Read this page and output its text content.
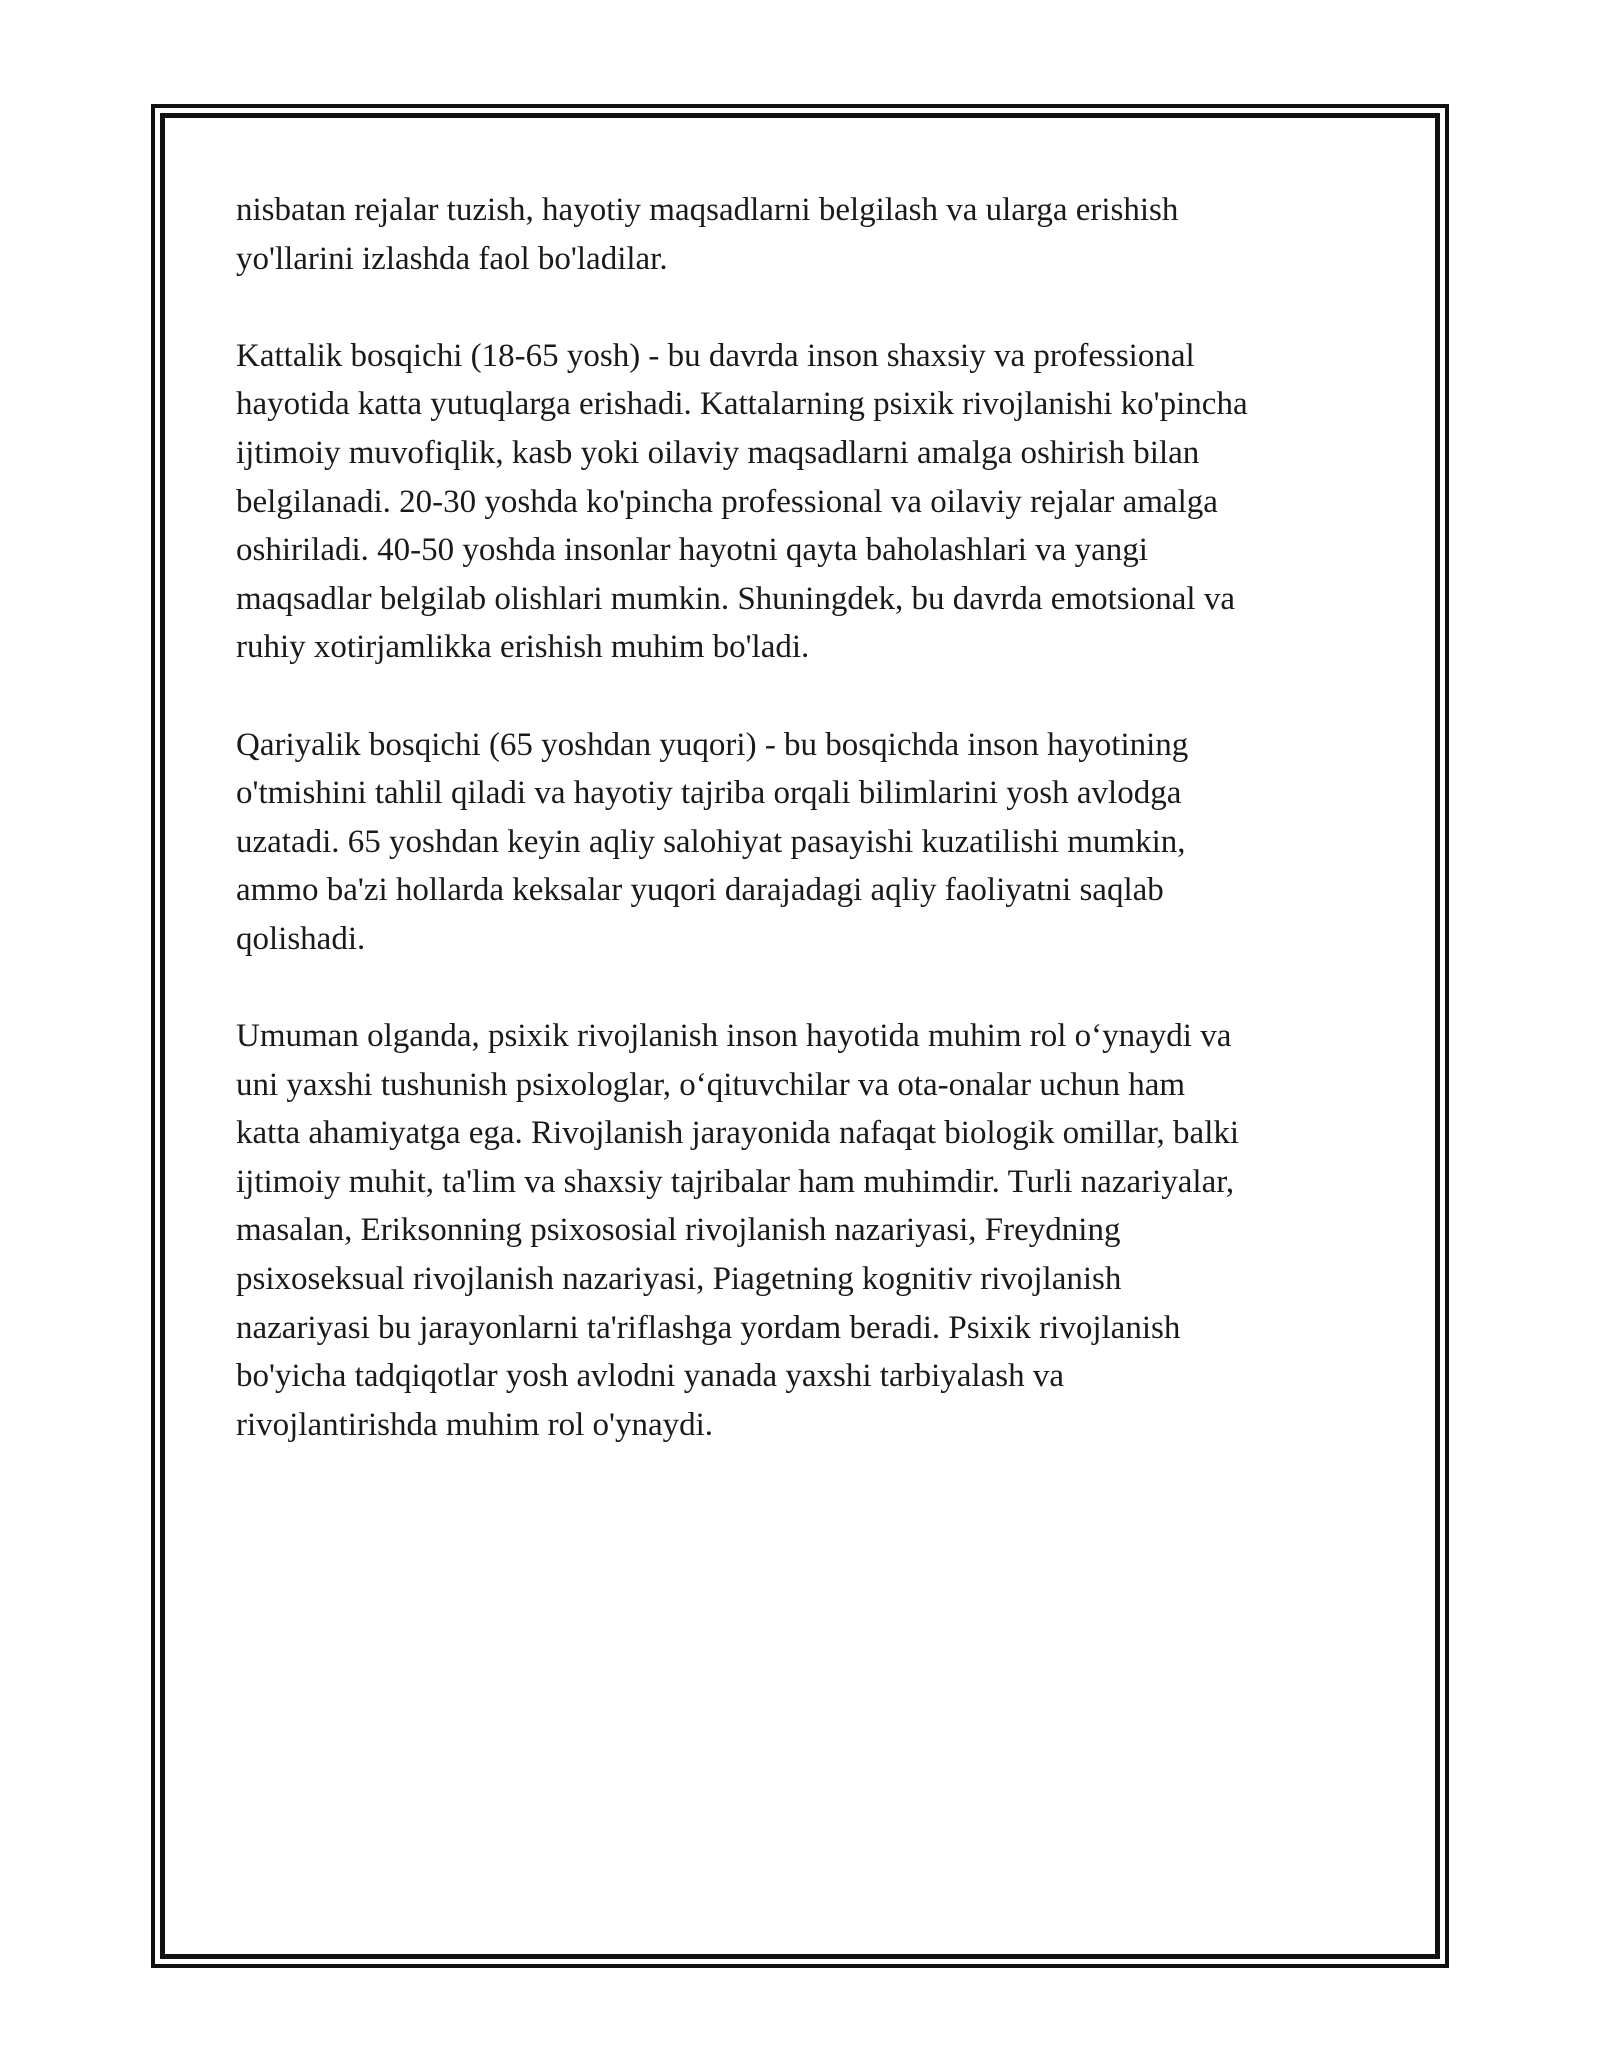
nisbatan rejalar tuzish, hayotiy maqsadlarni belgilash va ularga erishish
yo'llarini izlashda faol bo'ladilar.

Kattalik bosqichi (18-65 yosh) - bu davrda inson shaxsiy va professional
hayotida katta yutuqlarga erishadi. Kattalarning psixik rivojlanishi ko'pincha
ijtimoiy muvofiqlik, kasb yoki oilaviy maqsadlarni amalga oshirish bilan
belgilanadi. 20-30 yoshda ko'pincha professional va oilaviy rejalar amalga
oshiriladi. 40-50 yoshda insonlar hayotni qayta baholashlari va yangi
maqsadlar belgilab olishlari mumkin. Shuningdek, bu davrda emotsional va
ruhiy xotirjamlikka erishish muhim bo'ladi.

Qariyalik bosqichi (65 yoshdan yuqori) - bu bosqichda inson hayotining
o'tmishini tahlil qiladi va hayotiy tajriba orqali bilimlarini yosh avlodga
uzatadi. 65 yoshdan keyin aqliy salohiyat pasayishi kuzatilishi mumkin,
ammo ba'zi hollarda keksalar yuqori darajadagi aqliy faoliyatni saqlab
qolishadi.

Umuman olganda, psixik rivojlanish inson hayotida muhim rol o‘ynaydi va
uni yaxshi tushunish psixologlar, o‘qituvchilar va ota-onalar uchun ham
katta ahamiyatga ega. Rivojlanish jarayonida nafaqat biologik omillar, balki
ijtimoiy muhit, ta'lim va shaxsiy tajribalar ham muhimdir. Turli nazariyalar,
masalan, Eriksonning psixososial rivojlanish nazariyasi, Freydning
psixoseksual rivojlanish nazariyasi, Piagetning kognitiv rivojlanish
nazariyasi bu jarayonlarni ta'riflashga yordam beradi. Psixik rivojlanish
bo'yicha tadqiqotlar yosh avlodni yanada yaxshi tarbiyalash va
rivojlantirishda muhim rol o'ynaydi.
